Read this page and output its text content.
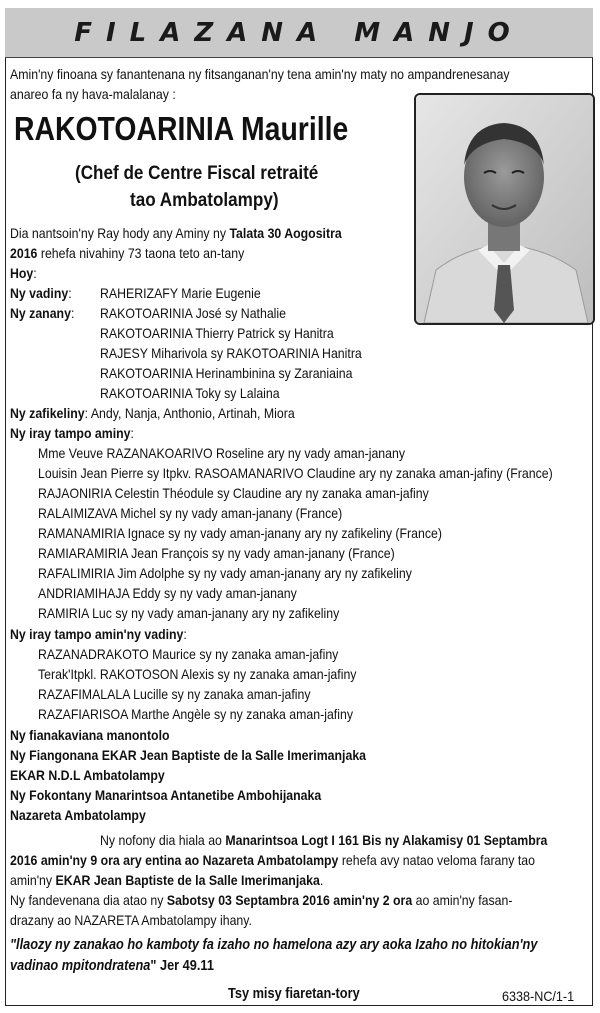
FILAZANA MANJO
Amin'ny finoana sy fanantenana ny fitsanganan'ny tena amin'ny maty no ampandrenesanay
anareo fa ny hava-malalanay :
RAKOTOARINIA Maurille
(Chef de Centre Fiscal retraité
tao Ambatolampy)
Dia nantsoin'ny Ray hody any Aminy ny Talata 30 Aogositra
2016 rehefa nivahiny 73 taona teto an-tany
Hoy:
Ny vadiny: RAHERIZAFY Marie Eugenie
Ny zanany: RAKOTOARINIA José sy Nathalie
RAKOTOARINIA Thierry Patrick sy Hanitra
RAJESY Miharivola sy RAKOTOARINIA Hanitra
RAKOTOARINIA Herinambinina sy Zaraniaina
RAKOTOARINIA Toky sy Lalaina
Ny zafikeliny: Andy, Nanja, Anthonio, Artinah, Miora
Ny iray tampo aminy:
Mme Veuve RAZANAKOARIVO Roseline ary ny vady aman-janany
Louisin Jean Pierre sy Itpkv. RASOAMANARIVO Claudine ary ny zanaka aman-jafiny (France)
RAJAONIRIA Celestin Théodule sy Claudine ary ny zanaka aman-jafiny
RALAIMIZAVA Michel sy ny vady aman-janany (France)
RAMANAMIRIA Ignace sy ny vady aman-janany ary ny zafikeliny (France)
RAMIARAMIRIA Jean François sy ny vady aman-janany (France)
RAFALIMIRIA Jim Adolphe sy ny vady aman-janany ary ny zafikeliny
ANDRIAMIHAJA Eddy sy ny vady aman-janany
RAMIRIA Luc sy ny vady aman-janany ary ny zafikeliny
Ny iray tampo amin'ny vadiny:
RAZANADRAKOTO Maurice sy ny zanaka aman-jafiny
Terak'Itpkl. RAKOTOSON Alexis sy ny zanaka aman-jafiny
RAZAFIMALALA Lucille sy ny zanaka aman-jafiny
RAZAFIARISOA Marthe Angèle sy ny zanaka aman-jafiny
Ny fianakaviana manontolo
Ny Fiangonana EKAR Jean Baptiste de la Salle Imerimanjaka
EKAR N.D.L Ambatolampy
Ny Fokontany Manarintsoa Antanetibe Ambohijanaka
Nazareta Ambatolampy
Ny nofony dia hiala ao Manarintsoa Logt I 161 Bis ny Alakamisy 01 Septambra
2016 amin'ny 9 ora ary entina ao Nazareta Ambatolampy rehefa avy natao veloma farany tao
amin'ny EKAR Jean Baptiste de la Salle Imerimanjaka.
Ny fandevenana dia atao ny Sabotsy 03 Septambra 2016 amin'ny 2 ora ao amin'ny fasan-
drazany ao NAZARETA Ambatolampy ihany.
"llaozy ny zanakao ho kamboty fa izaho no hamelona azy ary aoka Izaho no hitokian'ny
vadinao mpitondratena" Jer 49.11
Tsy misy fiaretan-tory	6338-NC/1-1
